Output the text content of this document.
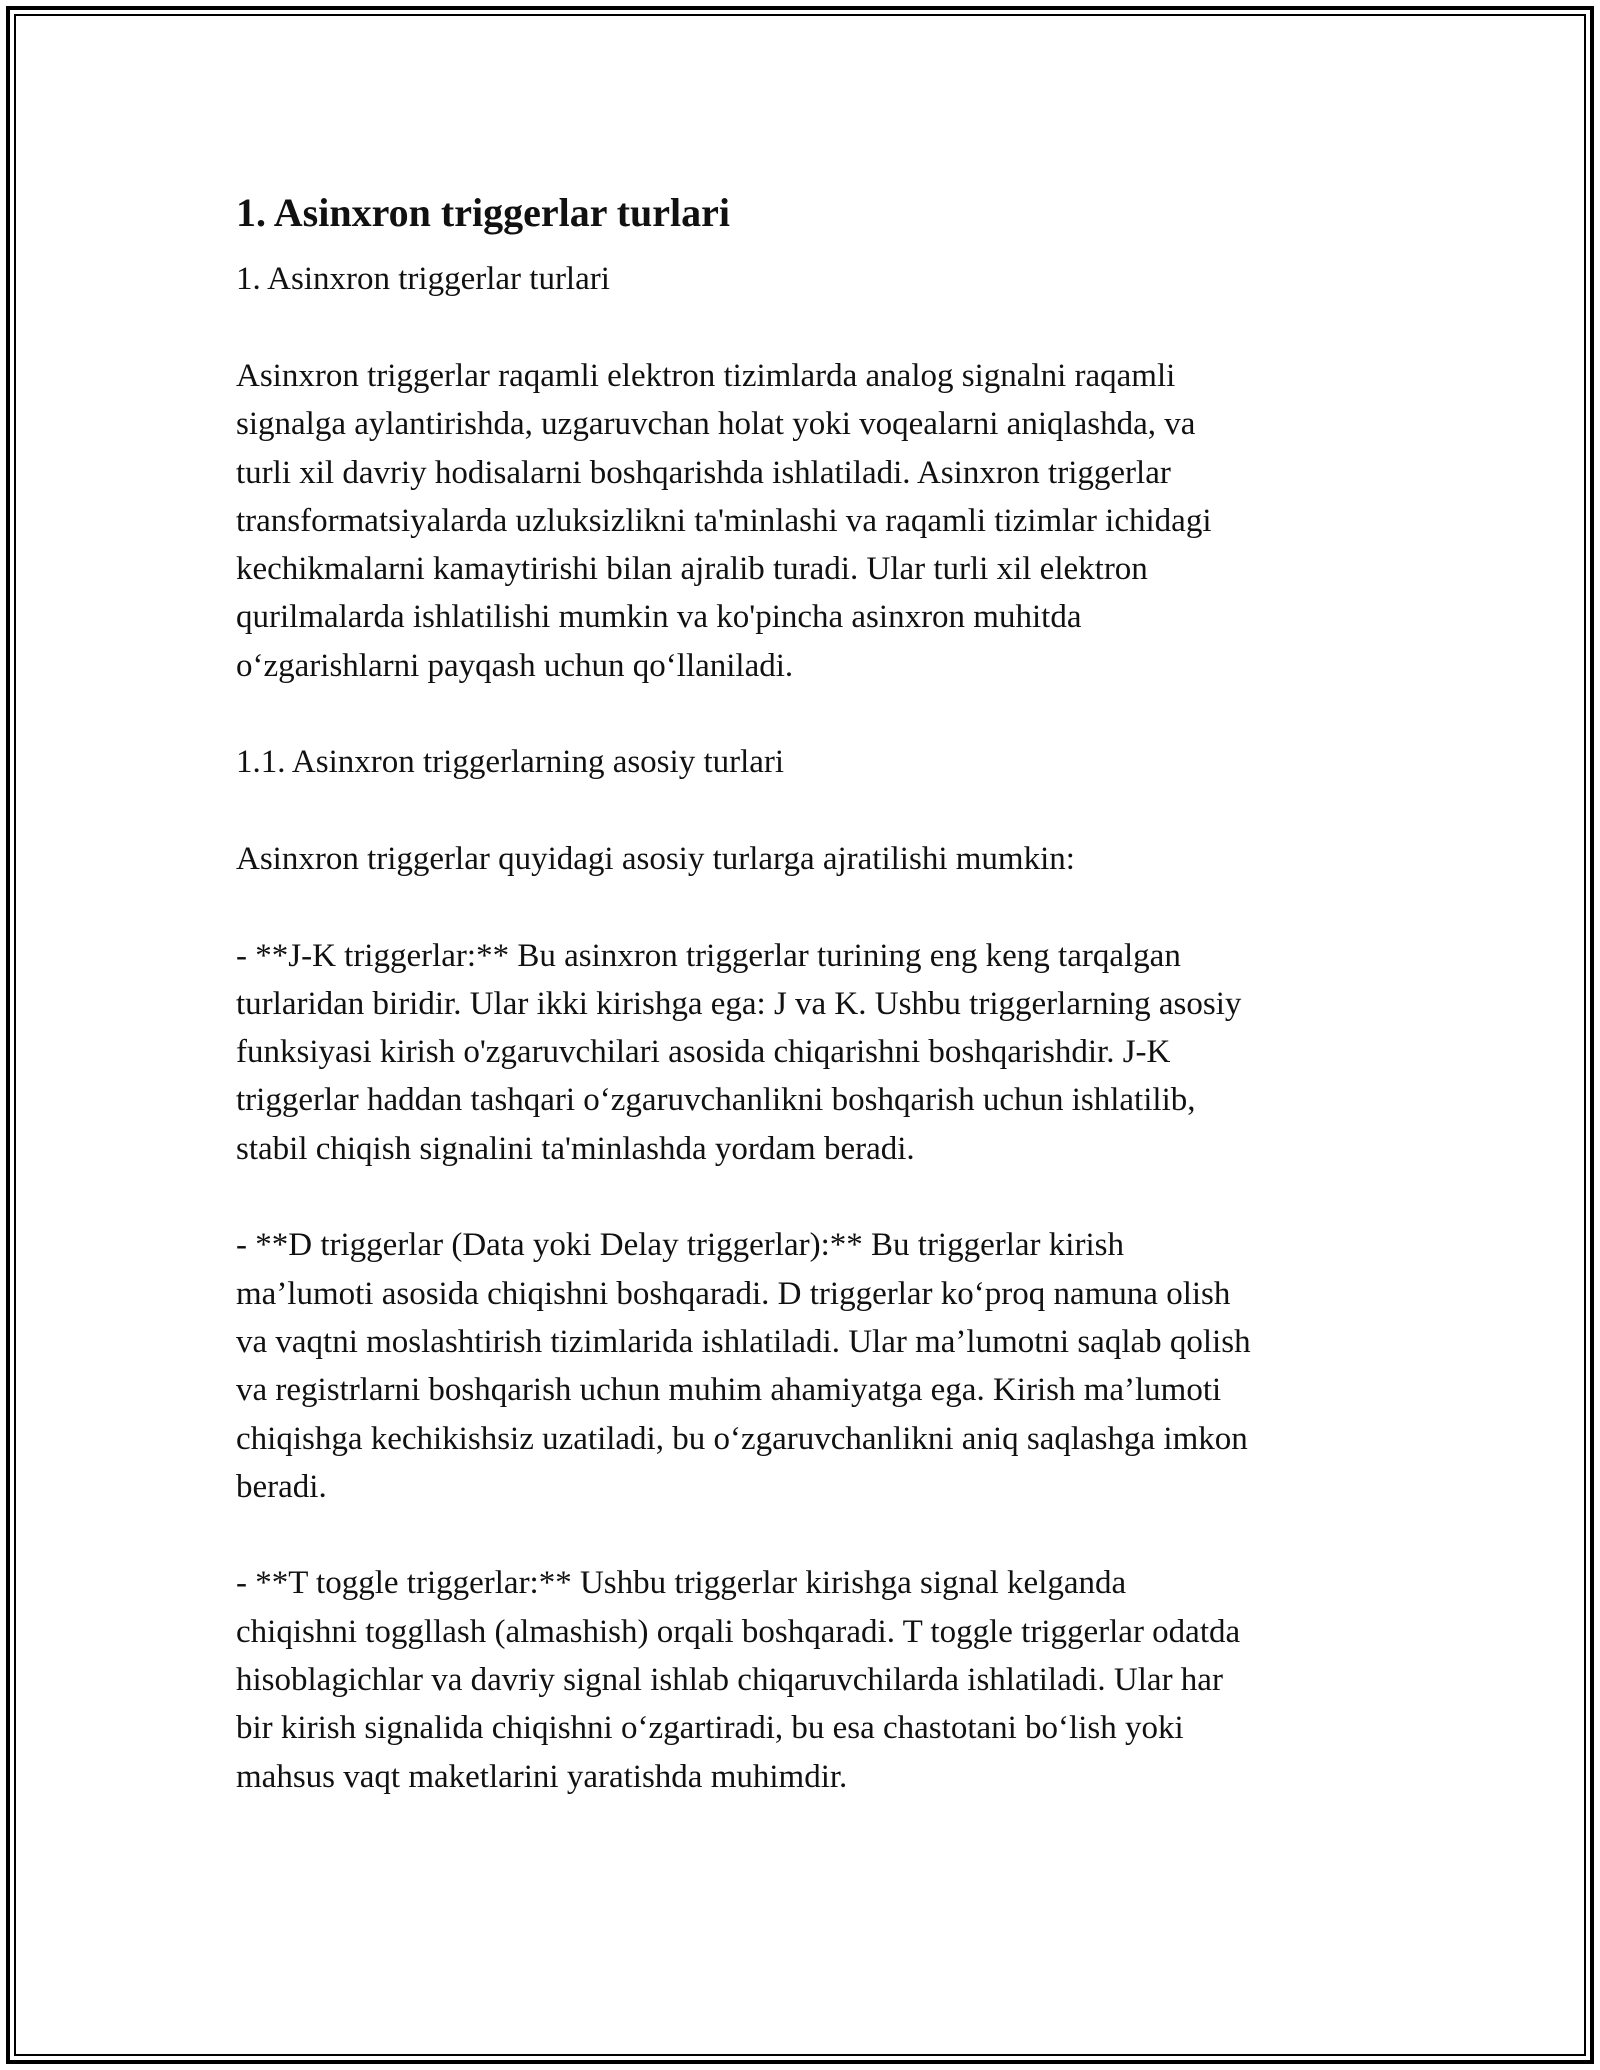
1. Asinxron triggerlar turlari
1. Asinxron triggerlar turlari
Asinxron triggerlar raqamli elektron tizimlarda analog signalni raqamli
signalga aylantirishda, uzgaruvchan holat yoki voqealarni aniqlashda, va
turli xil davriy hodisalarni boshqarishda ishlatiladi. Asinxron triggerlar
transformatsiyalarda uzluksizlikni ta'minlashi va raqamli tizimlar ichidagi
kechikmalarni kamaytirishi bilan ajralib turadi. Ular turli xil elektron
qurilmalarda ishlatilishi mumkin va ko'pincha asinxron muhitda
o‘zgarishlarni payqash uchun qo‘llaniladi.
1.1. Asinxron triggerlarning asosiy turlari
Asinxron triggerlar quyidagi asosiy turlarga ajratilishi mumkin:
- **J-K triggerlar:** Bu asinxron triggerlar turining eng keng tarqalgan
turlaridan biridir. Ular ikki kirishga ega: J va K. Ushbu triggerlarning asosiy
funksiyasi kirish o'zgaruvchilari asosida chiqarishni boshqarishdir. J-K
triggerlar haddan tashqari o‘zgaruvchanlikni boshqarish uchun ishlatilib,
stabil chiqish signalini ta'minlashda yordam beradi.
- **D triggerlar (Data yoki Delay triggerlar):** Bu triggerlar kirish
ma’lumoti asosida chiqishni boshqaradi. D triggerlar ko‘proq namuna olish
va vaqtni moslashtirish tizimlarida ishlatiladi. Ular ma’lumotni saqlab qolish
va registrlarni boshqarish uchun muhim ahamiyatga ega. Kirish ma’lumoti
chiqishga kechikishsiz uzatiladi, bu o‘zgaruvchanlikni aniq saqlashga imkon
beradi.
- **T toggle triggerlar:** Ushbu triggerlar kirishga signal kelganda
chiqishni toggllash (almashish) orqali boshqaradi. T toggle triggerlar odatda
hisoblagichlar va davriy signal ishlab chiqaruvchilarda ishlatiladi. Ular har
bir kirish signalida chiqishni o‘zgartiradi, bu esa chastotani bo‘lish yoki
mahsus vaqt maketlarini yaratishda muhimdir.
